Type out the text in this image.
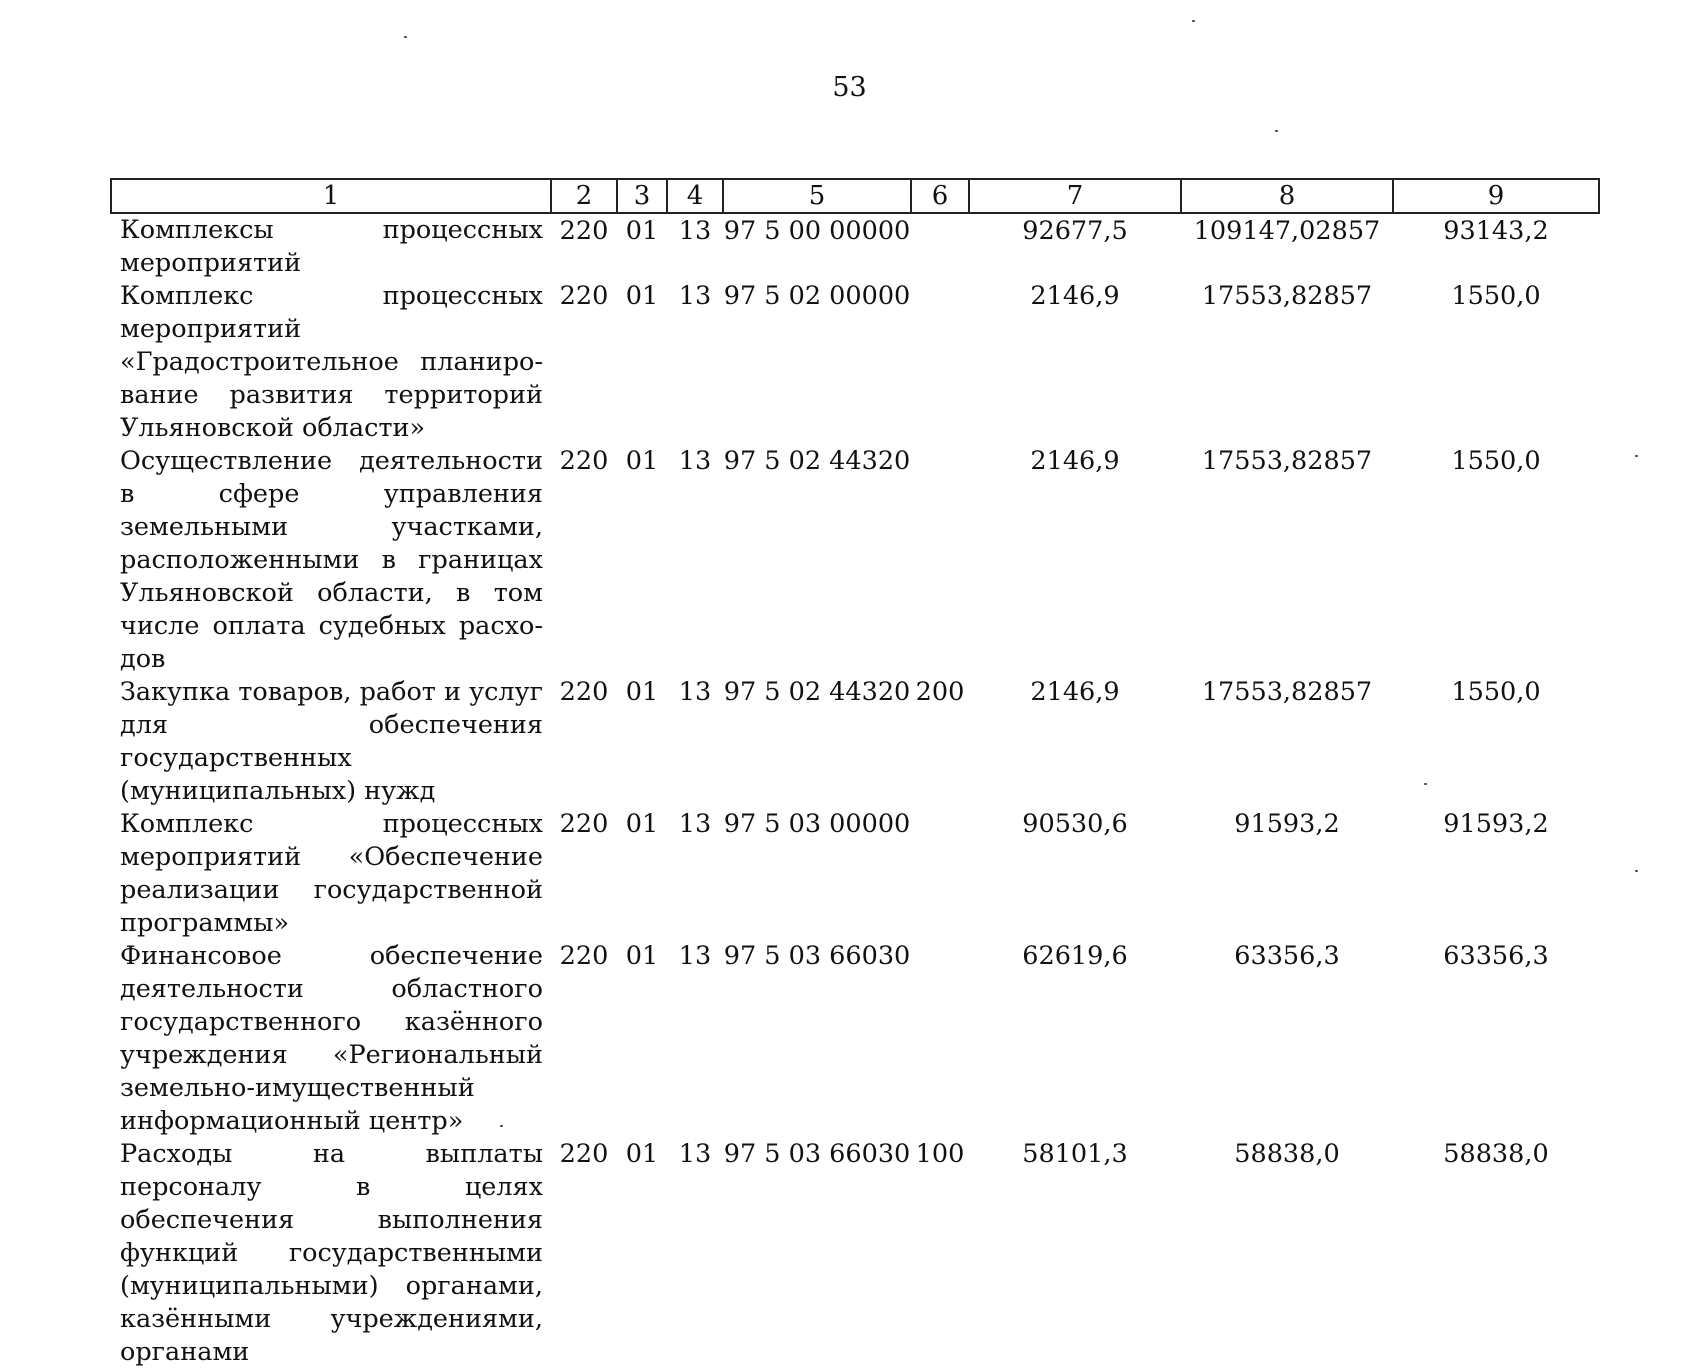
53
1	2	3	4	5	6	7	8	9
Комплексы процессных мероприятий	220	01	13	97 5 00 00000		92677,5	109147,02857	93143,2
Комплекс процессных мероприятий «Градостроительное планирование развития территорий Ульяновской области»	220	01	13	97 5 02 00000		2146,9	17553,82857	1550,0
Осуществление деятельности в сфере управления земельными участками, расположенными в границах Ульяновской области, в том числе оплата судебных расходов	220	01	13	97 5 02 44320		2146,9	17553,82857	1550,0
Закупка товаров, работ и услуг для обеспечения государственных (муниципальных) нужд	220	01	13	97 5 02 44320	200	2146,9	17553,82857	1550,0
Комплекс процессных мероприятий «Обеспечение реализации государственной программы»	220	01	13	97 5 03 00000		90530,6	91593,2	91593,2
Финансовое обеспечение деятельности областного государственного казённого учреждения «Региональный земельно-имущественный информационный центр»	220	01	13	97 5 03 66030		62619,6	63356,3	63356,3
Расходы на выплаты персоналу в целях обеспечения выполнения функций государственными (муниципальными) органами, казёнными учреждениями, органами	220	01	13	97 5 03 66030	100	58101,3	58838,0	58838,0
